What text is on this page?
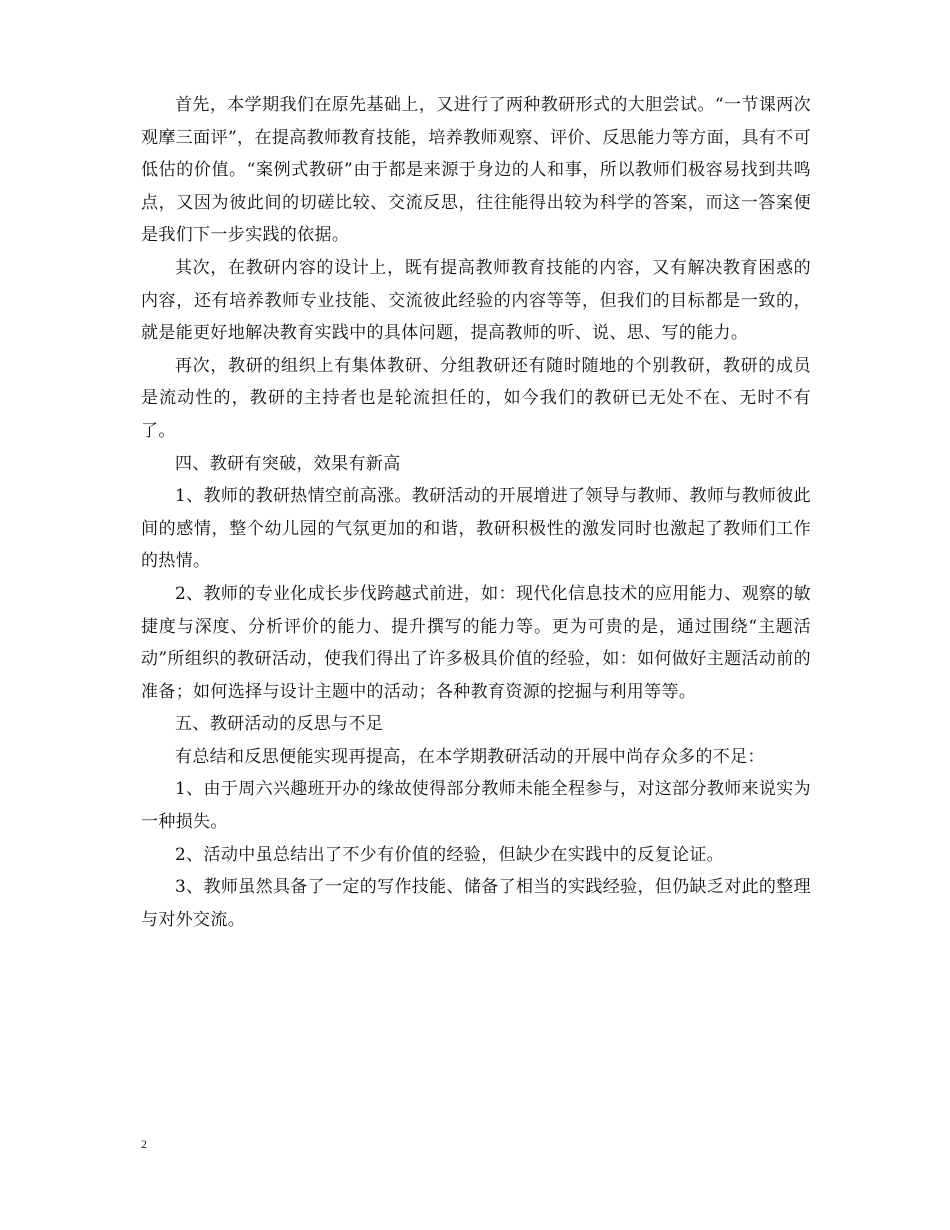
首先，本学期我们在原先基础上，又进行了两种教研形式的大胆尝试。“一节课两次观摩三面评”，在提高教师教育技能，培养教师观察、评价、反思能力等方面，具有不可低估的价值。“案例式教研”由于都是来源于身边的人和事，所以教师们极容易找到共鸣点，又因为彼此间的切磋比较、交流反思，往往能得出较为科学的答案，而这一答案便是我们下一步实践的依据。

其次，在教研内容的设计上，既有提高教师教育技能的内容，又有解决教育困惑的内容，还有培养教师专业技能、交流彼此经验的内容等等，但我们的目标都是一致的，就是能更好地解决教育实践中的具体问题，提高教师的听、说、思、写的能力。

再次，教研的组织上有集体教研、分组教研还有随时随地的个别教研，教研的成员是流动性的，教研的主持者也是轮流担任的，如今我们的教研已无处不在、无时不有了。

四、教研有突破，效果有新高

1、教师的教研热情空前高涨。教研活动的开展增进了领导与教师、教师与教师彼此间的感情，整个幼儿园的气氛更加的和谐，教研积极性的激发同时也激起了教师们工作的热情。

2、教师的专业化成长步伐跨越式前进，如：现代化信息技术的应用能力、观察的敏捷度与深度、分析评价的能力、提升撰写的能力等。更为可贵的是，通过围绕“主题活动”所组织的教研活动，使我们得出了许多极具价值的经验，如：如何做好主题活动前的准备；如何选择与设计主题中的活动；各种教育资源的挖掘与利用等等。

五、教研活动的反思与不足

有总结和反思便能实现再提高，在本学期教研活动的开展中尚存众多的不足：

1、由于周六兴趣班开办的缘故使得部分教师未能全程参与，对这部分教师来说实为一种损失。

2、活动中虽总结出了不少有价值的经验，但缺少在实践中的反复论证。

3、教师虽然具备了一定的写作技能、储备了相当的实践经验，但仍缺乏对此的整理与对外交流。

2
